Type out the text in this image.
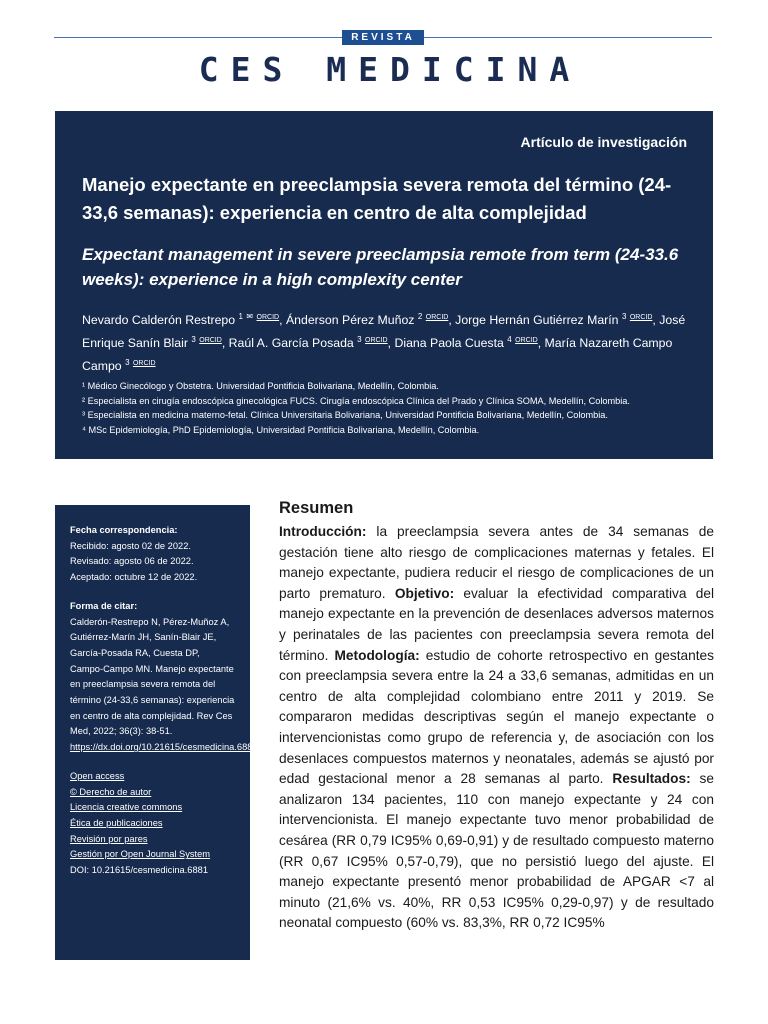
REVISTA
CES MEDICINA
Artículo de investigación
Manejo expectante en preeclampsia severa remota del término (24-33,6 semanas): experiencia en centro de alta complejidad
Expectant management in severe preeclampsia remote from term (24-33.6 weeks): experience in a high complexity center
Nevardo Calderón Restrepo $^1$ ✉ $^{ORCID}$, Ánderson Pérez Muñoz $^2$ $^{ORCID}$, Jorge Hernán Gutiérrez Marín $^3$ $^{ORCID}$, José Enrique Sanín Blair $^3$ $^{ORCID}$, Raúl A. García Posada $^3$ $^{ORCID}$, Diana Paola Cuesta $^4$ $^{ORCID}$, María Nazareth Campo Campo $^3$ $^{ORCID}$
¹ Médico Ginecólogo y Obstetra. Universidad Pontificia Bolivariana, Medellín, Colombia.
² Especialista en cirugía endoscópica ginecológica FUCS. Cirugía endoscópica Clínica del Prado y Clínica SOMA, Medellín, Colombia.
³ Especialista en medicina materno-fetal. Clínica Universitaria Bolivariana, Universidad Pontificia Bolivariana, Medellín, Colombia.
⁴ MSc Epidemiología, PhD Epidemiología, Universidad Pontificia Bolivariana, Medellín, Colombia.
Fecha correspondencia:
Recibido: agosto 02 de 2022.
Revisado: agosto 06 de 2022.
Aceptado: octubre 12 de 2022.
Forma de citar:
Calderón-Restrepo N, Pérez-Muñoz A, Gutiérrez-Marín JH, Sanín-Blair JE, García-Posada RA, Cuesta DP, Campo-Campo MN. Manejo expectante en preeclampsia severa remota del término (24-33,6 semanas): experiencia en centro de alta complejidad. Rev Ces Med, 2022; 36(3): 38-51. https://dx.doi.org/10.21615/cesmedicina.6881
Open access
© Derecho de autor
Licencia creative commons
Ética de publicaciones
Revisión por pares
Gestión por Open Journal System
DOI: 10.21615/cesmedicina.6881
Resumen
Introducción: la preeclampsia severa antes de 34 semanas de gestación tiene alto riesgo de complicaciones maternas y fetales. El manejo expectante, pudiera reducir el riesgo de complicaciones de un parto prematuro. Objetivo: evaluar la efectividad comparativa del manejo expectante en la prevención de desenlaces adversos maternos y perinatales de las pacientes con preeclampsia severa remota del término. Metodología: estudio de cohorte retrospectivo en gestantes con preeclampsia severa entre la 24 a 33,6 semanas, admitidas en un centro de alta complejidad colombiano entre 2011 y 2019. Se compararon medidas descriptivas según el manejo expectante o intervencionistas como grupo de referencia y, de asociación con los desenlaces compuestos maternos y neonatales, además se ajustó por edad gestacional menor a 28 semanas al parto. Resultados: se analizaron 134 pacientes, 110 con manejo expectante y 24 con intervencionista. El manejo expectante tuvo menor probabilidad de cesárea (RR 0,79 IC95% 0,69-0,91) y de resultado compuesto materno (RR 0,67 IC95% 0,57-0,79), que no persistió luego del ajuste. El manejo expectante presentó menor probabilidad de APGAR <7 al minuto (21,6% vs. 40%, RR 0,53 IC95% 0,29-0,97) y de resultado neonatal compuesto (60% vs. 83,3%, RR 0,72 IC95%
